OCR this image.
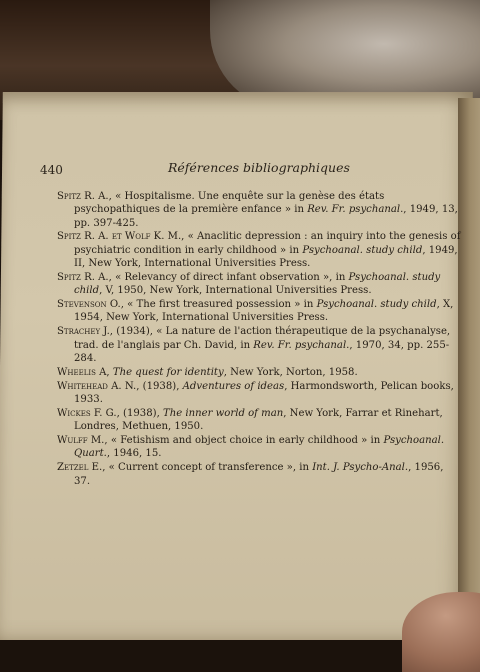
440	Références bibliographiques

Spitz R. A., « Hospitalisme. Une enquête sur la genèse des états psychopathiques de la première enfance » in Rev. Fr. psychanal., 1949, 13, pp. 397-425.

Spitz R. A. et Wolf K. M., « Anaclitic depression : an inquiry into the genesis of psychiatric condition in early childhood » in Psychoanal. study child, 1949, II, New York, International Universities Press.

Spitz R. A., « Relevancy of direct infant observation », in Psychoanal. study child, V, 1950, New York, International Universities Press.

Stevenson O., « The first treasured possession » in Psychoanal. study child, X, 1954, New York, International Universities Press.

Strachey J., (1934), « La nature de l'action thérapeutique de la psychanalyse, trad. de l'anglais par Ch. David, in Rev. Fr. psychanal., 1970, 34, pp. 255-284.

Wheelis A, The quest for identity, New York, Norton, 1958.

Whitehead A. N., (1938), Adventures of ideas, Harmondsworth, Pelican books, 1933.

Wickes F. G., (1938), The inner world of man, New York, Farrar et Rinehart, Londres, Methuen, 1950.

Wulff M., « Fetishism and object choice in early childhood » in Psychoanal. Quart., 1946, 15.

Zetzel E., « Current concept of transference », in Int. J. Psycho-Anal., 1956, 37.
